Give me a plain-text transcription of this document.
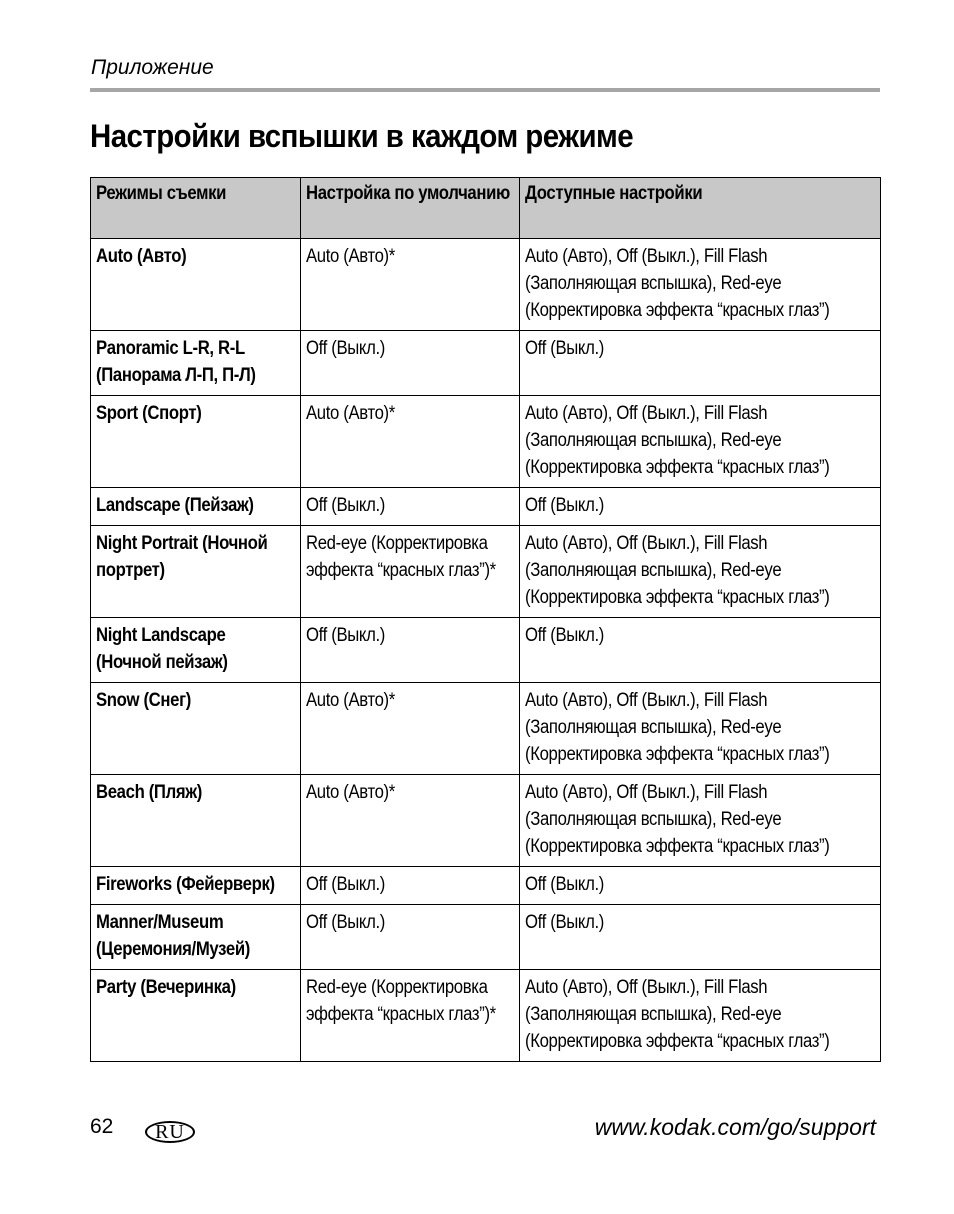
Приложение
Настройки вспышки в каждом режиме
Режимы съемки	Настройка по умолчанию	Доступные настройки

Auto (Авто)	Auto (Авто)*	Auto (Авто), Off (Выкл.), Fill Flash (Заполняющая вспышка), Red-eye (Корректировка эффекта “красных глаз”)

Panoramic L-R, R-L (Панорама Л-П, П-Л)	Off (Выкл.)	Off (Выкл.)

Sport (Спорт)	Auto (Авто)*	Auto (Авто), Off (Выкл.), Fill Flash (Заполняющая вспышка), Red-eye (Корректировка эффекта “красных глаз”)

Landscape (Пейзаж)	Off (Выкл.)	Off (Выкл.)

Night Portrait (Ночной портрет)	Red-eye (Корректировка эффекта “красных глаз”)*	Auto (Авто), Off (Выкл.), Fill Flash (Заполняющая вспышка), Red-eye (Корректировка эффекта “красных глаз”)

Night Landscape (Ночной пейзаж)	Off (Выкл.)	Off (Выкл.)

Snow (Снег)	Auto (Авто)*	Auto (Авто), Off (Выкл.), Fill Flash (Заполняющая вспышка), Red-eye (Корректировка эффекта “красных глаз”)

Beach (Пляж)	Auto (Авто)*	Auto (Авто), Off (Выкл.), Fill Flash (Заполняющая вспышка), Red-eye (Корректировка эффекта “красных глаз”)

Fireworks (Фейерверк)	Off (Выкл.)	Off (Выкл.)

Manner/Museum (Церемония/Музей)	Off (Выкл.)	Off (Выкл.)

Party (Вечеринка)	Red-eye (Корректировка эффекта “красных глаз”)*	Auto (Авто), Off (Выкл.), Fill Flash (Заполняющая вспышка), Red-eye (Корректировка эффекта “красных глаз”)
62	RU	www.kodak.com/go/support
